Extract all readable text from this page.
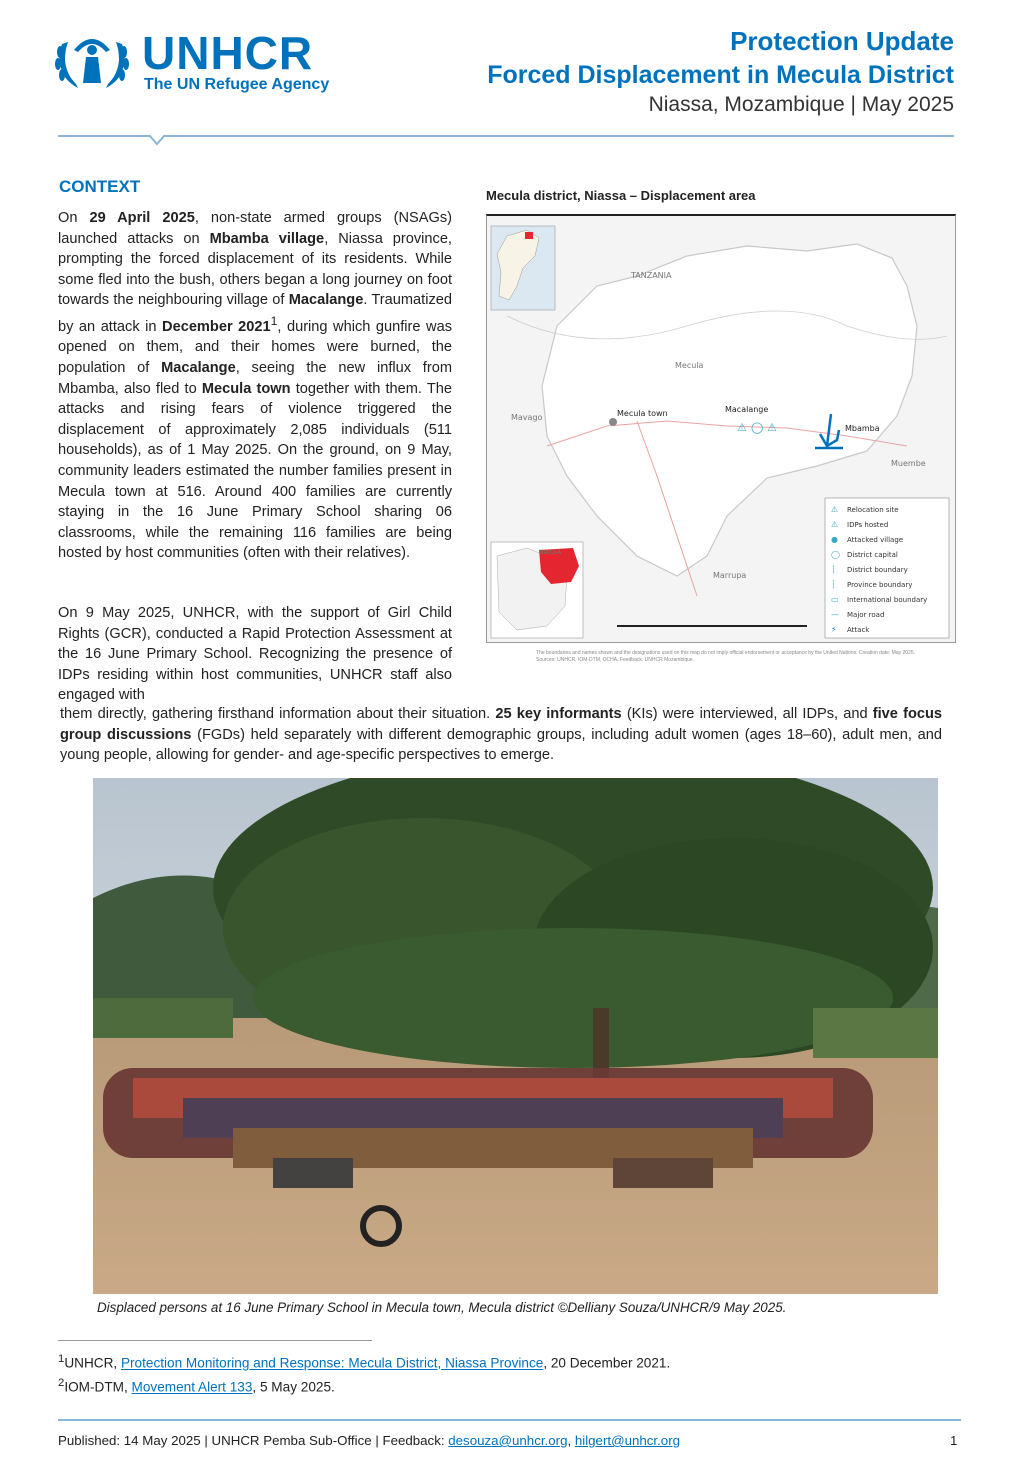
UNHCR
The UN Refugee Agency
Protection Update
Forced Displacement in Mecula District
Niassa, Mozambique | May 2025
CONTEXT
On 29 April 2025, non-state armed groups (NSAGs) launched attacks on Mbamba village, Niassa province, prompting the forced displacement of its residents. While some fled into the bush, others began a long journey on foot towards the neighbouring village of Macalange. Traumatized by an attack in December 2021$^1$, during which gunfire was opened on them, and their homes were burned, the population of Macalange, seeing the new influx from Mbamba, also fled to Mecula town together with them. The attacks and rising fears of violence triggered the displacement of approximately 2,085 individuals (511 households), as of 1 May 2025. On the ground, on 9 May, community leaders estimated the number families present in Mecula town at 516. Around 400 families are currently staying in the 16 June Primary School sharing 06 classrooms, while the remaining 116 families are being hosted by host communities (often with their relatives).
On 9 May 2025, UNHCR, with the support of Girl Child Rights (GCR), conducted a Rapid Protection Assessment at the 16 June Primary School. Recognizing the presence of IDPs residing within host communities, UNHCR staff also engaged with
them directly, gathering firsthand information about their situation. 25 key informants (KIs) were interviewed, all IDPs, and five focus group discussions (FGDs) held separately with different demographic groups, including adult women (ages 18–60), adult men, and young people, allowing for gender- and age-specific perspectives to emerge.
Mecula district, Niassa – Displacement area
⚠ ◯ ⚠
TANZANIA
Mecula
Mavago
Marrupa
Muembe
NIASSA
Mecula town	Macalange
Mbamba
⚠ Relocation site
⚠ IDPs hosted
● Attacked village
◯ District capital
┆ District boundary
┆ Province boundary
▭ International boundary
— Major road
⚡ Attack
The boundaries and names shown and the designations used on this map do not imply official endorsement or acceptance by the United Nations. Creation date: May 2025. Sources: UNHCR, IOM-DTM, OCHA. Feedback: UNHCR Mozambique.
Displaced persons at 16 June Primary School in Mecula town, Mecula district ©Delliany Souza/UNHCR/9 May 2025.
$^1$UNHCR, Protection Monitoring and Response: Mecula District, Niassa Province, 20 December 2021.
$^2$IOM-DTM, Movement Alert 133, 5 May 2025.
Published: 14 May 2025 | UNHCR Pemba Sub-Office | Feedback: desouza@unhcr.org, hilgert@unhcr.org	1
